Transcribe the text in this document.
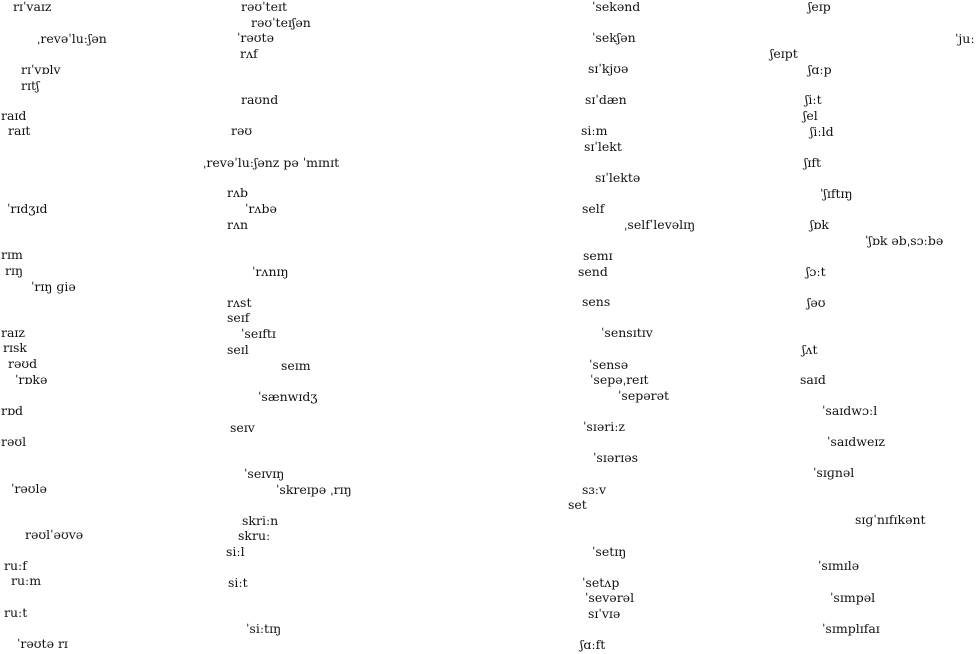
rɪˈvaɪz
ˌrevəˈluːʃən
rɪˈvɒlv
rɪtʃ
raɪd
raɪt
ˈrɪdʒɪd
rɪm
rɪŋ
ˈrɪŋ ɡiə
raɪz
rɪsk
rəʊd
ˈrɒkə
rɒd
rəʊl
ˈrəʊlə
rəʊlˈəʊvə
ruːf
ruːm
ruːt
ˈrəʊtə rɪ
rəʊˈteɪt
rəʊˈteɪʃən
ˈrəʊtə
rʌf
raʊnd
rəʊ
ˌrevəˈluːʃənz pə ˈmɪnɪt
rʌb
ˈrʌbə
rʌn
ˈrʌnɪŋ
rʌst
seɪf
ˈseɪftɪ
seɪl
seɪm
ˈsænwɪdʒ
seɪv
ˈseɪvɪŋ
ˈskreɪpə ˌrɪŋ
skriːn
skruː
siːl
siːt
ˈsiːtɪŋ
ˈsekənd
ˈsekʃən
sɪˈkjʊə
sɪˈdæn
siːm
sɪˈlekt
sɪˈlektə
self
ˌselfˈlevəlɪŋ
semɪ
send
sens
ˈsensɪtɪv
ˈsensə
ˈsepəˌreɪt
ˈsepərət
ˈsɪəriːz
ˈsɪərɪəs
sɜːv
set
ˈsetɪŋ
ˈsetʌp
ˈsevərəl
sɪˈvɪə
ʃɑːft
ʃeɪp
ˈjuː
ʃeɪpt
ʃɑːp
ʃiːt
ʃel
ʃiːld
ʃɪft
ˈʃɪftɪŋ
ʃɒk
ˈʃɒk əbˌsɔːbə
ʃɔːt
ʃəʊ
ʃʌt
saɪd
ˈsaɪdwɔːl
ˈsaɪdweɪz
ˈsɪɡnəl
sɪɡˈnɪfɪkənt
ˈsɪmɪlə
ˈsɪmpəl
ˈsɪmplɪfaɪ
